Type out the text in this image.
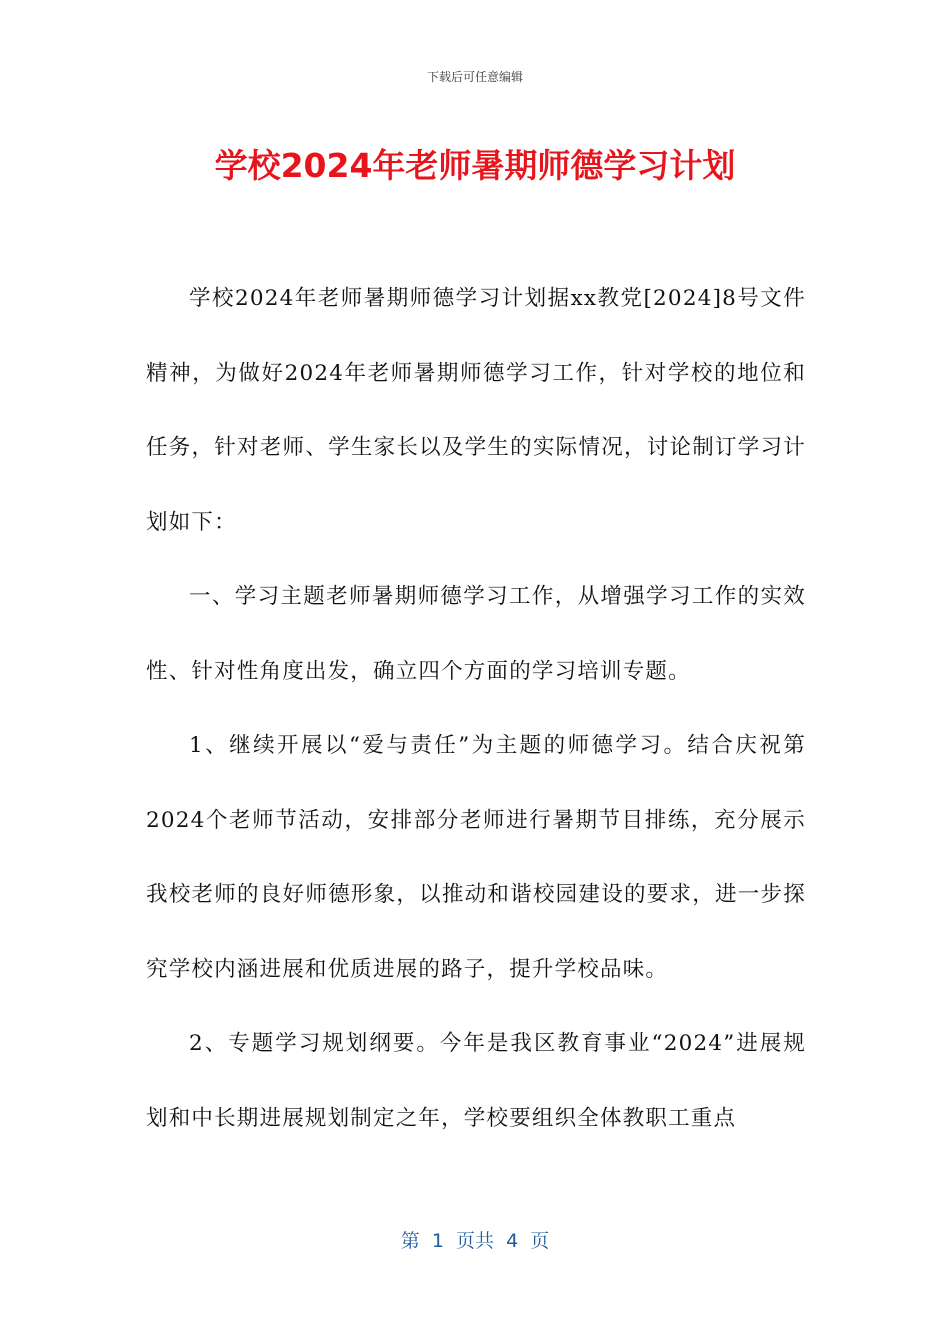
下载后可任意编辑
学校2024年老师暑期师德学习计划

学校2024年老师暑期师德学习计划据xx教党[2024]8号文件精神，为做好2024年老师暑期师德学习工作，针对学校的地位和任务，针对老师、学生家长以及学生的实际情况，讨论制订学习计划如下：

一、学习主题老师暑期师德学习工作，从增强学习工作的实效性、针对性角度出发，确立四个方面的学习培训专题。

1、继续开展以“爱与责任”为主题的师德学习。结合庆祝第2024个老师节活动，安排部分老师进行暑期节目排练，充分展示我校老师的良好师德形象，以推动和谐校园建设的要求，进一步探究学校内涵进展和优质进展的路子，提升学校品味。

2、专题学习规划纲要。今年是我区教育事业“2024”进展规划和中长期进展规划制定之年，学校要组织全体教职工重点

第  1  页共  4  页
